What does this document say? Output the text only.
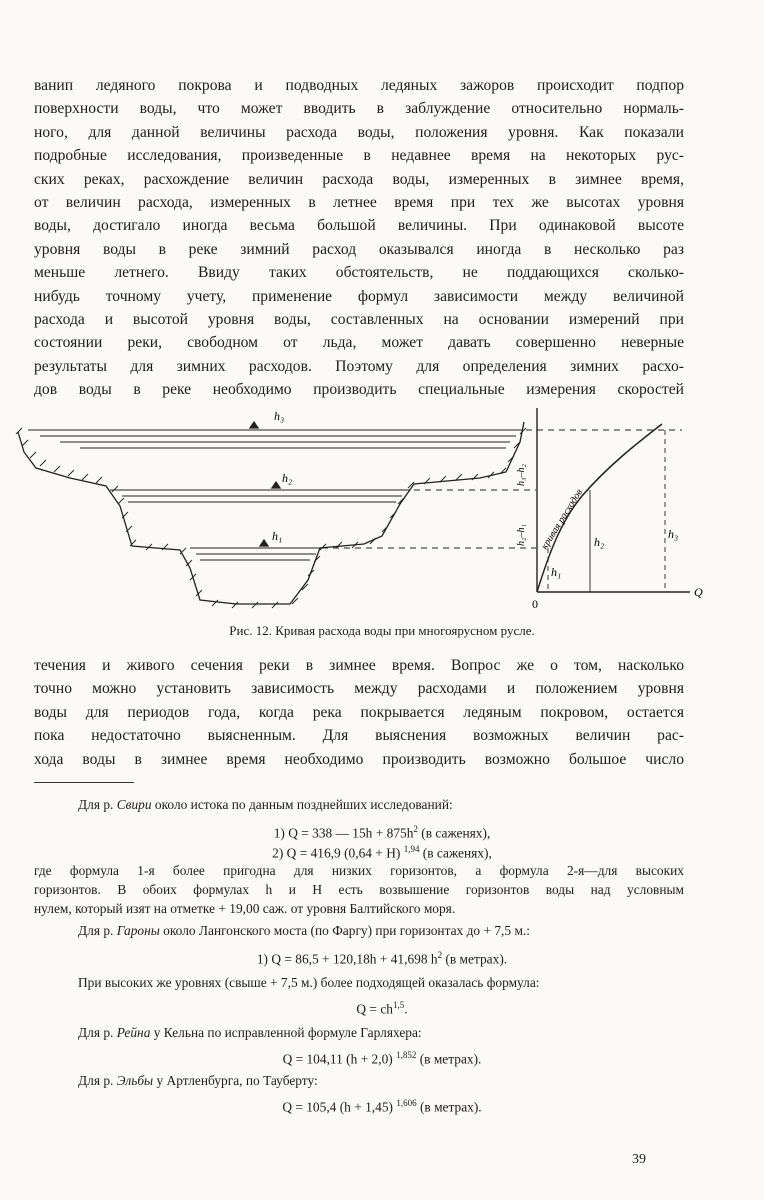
ванип ледяного покрова и подводных ледяных зажоров происходит подпор
поверхности воды, что может вводить в заблуждение относительно нормаль-
ного, для данной величины расхода воды, положения уровня. Как показали
подробные исследования, произведенные в недавнее время на некоторых рус-
ских реках, расхождение величин расхода воды, измеренных в зимнее время,
от величин расхода, измеренных в летнее время при тех же высотах уровня
воды, достигало иногда весьма большой величины. При одинаковой высоте
уровня воды в реке зимний расход оказывался иногда в несколько раз
меньше летнего. Ввиду таких обстоятельств, не поддающихся сколько-
нибудь точному учету, применение формул зависимости между величиной
расхода и высотой уровня воды, составленных на основании измерений при
состоянии реки, свободном от льда, может давать совершенно неверные
результаты для зимних расходов. Поэтому для определения зимних расхо-
дов воды в реке необходимо производить специальные измерения скоростей
h₃
h₂
h₁
h₃–h₂
h₂–h₁ кривая расходов
h₁
h₂
h₃
0
Q
Рис. 12. Кривая расхода воды при многоярусном русле.
течения и живого сечения реки в зимнее время. Вопрос же о том, насколько
точно можно установить зависимость между расходами и положением уровня
воды для периодов года, когда река покрывается ледяным покровом, остается
пока недостаточно выясненным. Для выяснения возможных величин рас-
хода воды в зимнее время необходимо производить возможно большое число
Для р. Свири около истока по данным позднейших исследований:
1) Q = 338 — $15h + 875h^2$ (в саженях),
2) Q = 416,9 (0,64 + H) $^{1,94}$ (в саженях),
где формула 1-я более пригодна для низких горизонтов, а формула 2-я—для высоких
горизонтов. В обоих формулах h и H есть возвышение горизонтов воды над условным
нулем, который изят на отметке + 19,00 саж. от уровня Балтийского моря.
Для р. Гароны около Лангонского моста (по Фаргу) при горизонтах до + 7,5 м.:
1) Q = 86,5 + 120,18h + 41,698 $h^2$ (в метрах).
При высоких же уровнях (свыше + 7,5 м.) более подходящей оказалась формула:
Q = ch$^{1,5}$.
Для р. Рейна у Кельна по исправленной формуле Гарляхера:
Q = 104,11 (h + 2,0) $^{1,852}$ (в метрах).
Для р. Эльбы у Артленбурга, по Тауберту:
Q = 105,4 (h + 1,45) $^{1,606}$ (в метрах).
39
